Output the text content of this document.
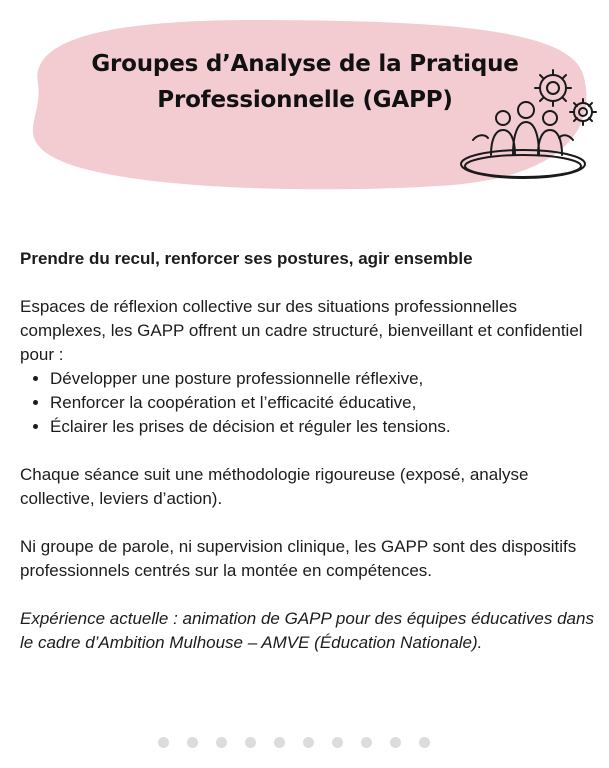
Groupes d’Analyse de la Pratique
Professionnelle (GAPP)

Prendre du recul, renforcer ses postures, agir ensemble

Espaces de réflexion collective sur des situations professionnelles complexes, les GAPP offrent un cadre structuré, bienveillant et confidentiel pour :

• Développer une posture professionnelle réflexive,
• Renforcer la coopération et l’efficacité éducative,
• Éclairer les prises de décision et réguler les tensions.

Chaque séance suit une méthodologie rigoureuse (exposé, analyse collective, leviers d’action).

Ni groupe de parole, ni supervision clinique, les GAPP sont des dispositifs professionnels centrés sur la montée en compétences.

Expérience actuelle : animation de GAPP pour des équipes éducatives dans le cadre d’Ambition Mulhouse – AMVE (Éducation Nationale).
